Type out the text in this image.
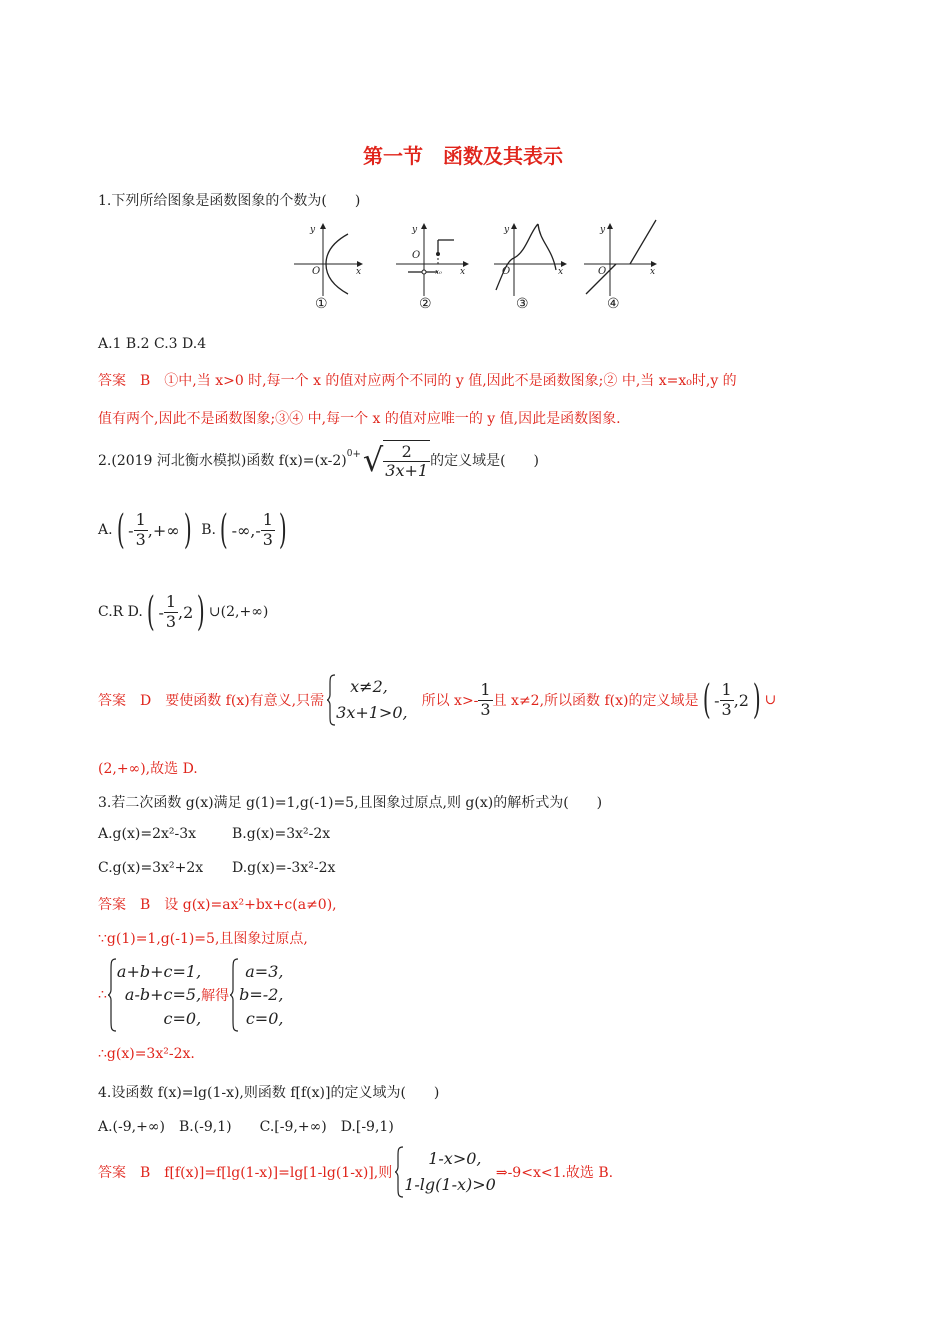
第一节　函数及其表示
1.下列所给图象是函数图象的个数为(　　)
y
O	x
y
O
x₀ x
y
O	x
y
O	x
①	②	③	④
A.1 B.2 C.3 D.4
答案　B　①中,当 x>0 时,每一个 x 的值对应两个不同的 y 值,因此不是函数图象;② 中,当 x=x₀时,y 的
值有两个,因此不是函数图象;③④ 中,每一个 x 的值对应唯一的 y 值,因此是函数图象.
2.(2019 河北衡水模拟)函数 $f(x)=(x-2)^0$ + √ $\frac{2}{3x+1}$ 的定义域是(　　)
A. ( - $\frac{1}{3}$ ,+∞ ) B. ( -∞,- $\frac{1}{3}$ )
C.R D. ( - $\frac{1}{3} ,2$ ) ∪(2,+∞)
答案　D　要使函数 f(x)有意义,只需
x≠2,
3x+1>0,
所以 $x>- \frac{1}{3}$ 且 x≠2,所以函数 f(x)的定义域是 ( - $\frac{1}{3} ,2$ ) ∪
(2,+∞),故选 D.
3.若二次函数 g(x)满足 g(1)=1,g(-1)=5,且图象过原点,则 g(x)的解析式为(　　)
A.g(x)=2x²-3x	B.g(x)=3x²-2x
C.g(x)=3x²+2x D.g(x)=-3x²-2x
答案　B　设 g(x)=ax²+bx+c(a≠0),
∵g(1)=1,g(-1)=5,且图象过原点,
∴
a+b+c=1,
a-b+c=5,
c=0,
解得
a=3,
b=-2,
c=0,
∴g(x)=3x²-2x.
4.设函数 f(x)=lg(1-x),则函数 f[f(x)]的定义域为(　　)
A.(-9,+∞)　B.(-9,1)　　C.[-9,+∞)　D.[-9,1)
答案　B　f[f(x)]=f[lg(1-x)]=lg[1-lg(1-x)],则
1-x>0,
1-lg(1-x)>0
⇒-9<x<1.故选 B.
